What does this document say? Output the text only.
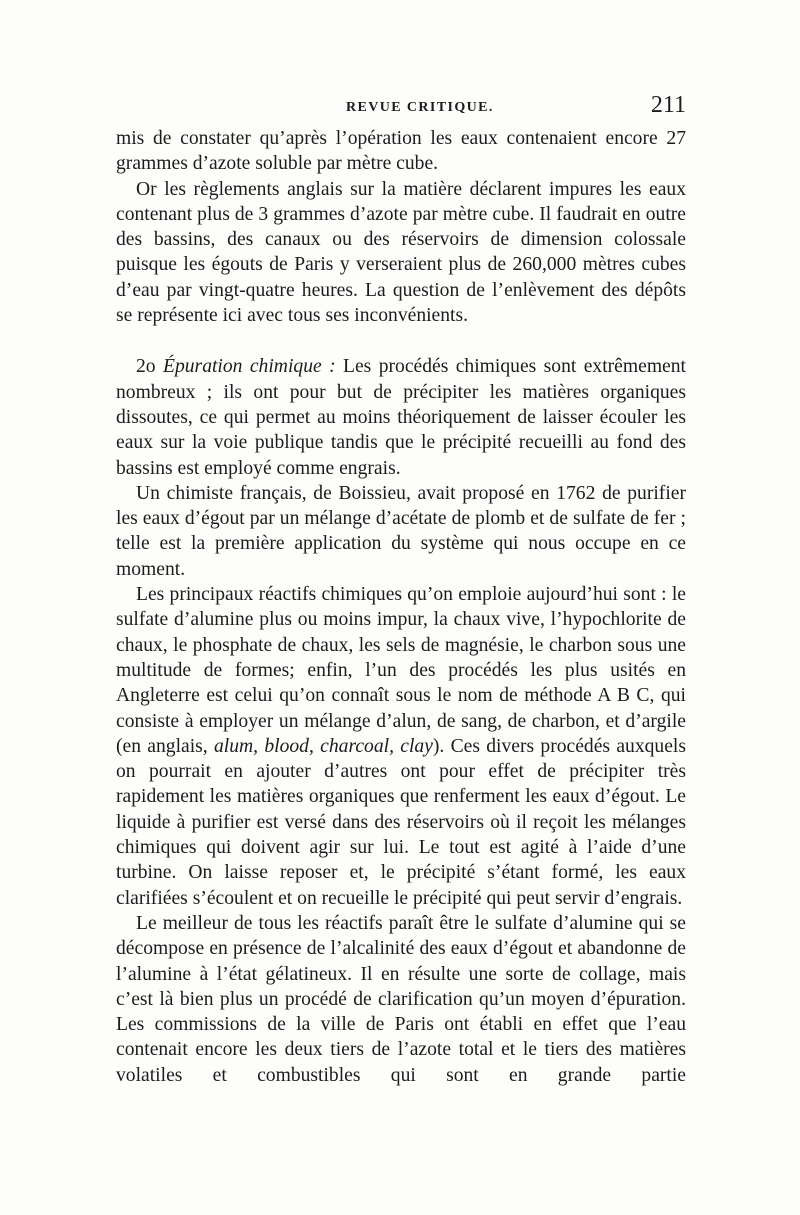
REVUE CRITIQUE.	211

mis de constater qu’après l’opération les eaux contenaient encore 27 grammes d’azote soluble par mètre cube.

Or les règlements anglais sur la matière déclarent impures les eaux contenant plus de 3 grammes d’azote par mètre cube. Il faudrait en outre des bassins, des canaux ou des réservoirs de dimension colossale puisque les égouts de Paris y verseraient plus de 260,000 mètres cubes d’eau par vingt-quatre heures. La question de l’enlèvement des dépôts se représente ici avec tous ses inconvénients.

2o Épuration chimique : Les procédés chimiques sont extrêmement nombreux ; ils ont pour but de précipiter les matières organiques dissoutes, ce qui permet au moins théoriquement de laisser écouler les eaux sur la voie publique tandis que le précipité recueilli au fond des bassins est employé comme engrais.

Un chimiste français, de Boissieu, avait proposé en 1762 de purifier les eaux d’égout par un mélange d’acétate de plomb et de sulfate de fer ; telle est la première application du système qui nous occupe en ce moment.

Les principaux réactifs chimiques qu’on emploie aujourd’hui sont : le sulfate d’alumine plus ou moins impur, la chaux vive, l’hypochlorite de chaux, le phosphate de chaux, les sels de magnésie, le charbon sous une multitude de formes; enfin, l’un des procédés les plus usités en Angleterre est celui qu’on connaît sous le nom de méthode A B C, qui consiste à employer un mélange d’alun, de sang, de charbon, et d’argile (en anglais, alum, blood, charcoal, clay). Ces divers procédés auxquels on pourrait en ajouter d’autres ont pour effet de précipiter très rapidement les matières organiques que renferment les eaux d’égout. Le liquide à purifier est versé dans des réservoirs où il reçoit les mélanges chimiques qui doivent agir sur lui. Le tout est agité à l’aide d’une turbine. On laisse reposer et, le précipité s’étant formé, les eaux clarifiées s’écoulent et on recueille le précipité qui peut servir d’engrais.

Le meilleur de tous les réactifs paraît être le sulfate d’alumine qui se décompose en présence de l’alcalinité des eaux d’égout et abandonne de l’alumine à l’état gélatineux. Il en résulte une sorte de collage, mais c’est là bien plus un procédé de clarification qu’un moyen d’épuration. Les commissions de la ville de Paris ont établi en effet que l’eau contenait encore les deux tiers de l’azote total et le tiers des matières volatiles et combustibles qui sont en grande partie
